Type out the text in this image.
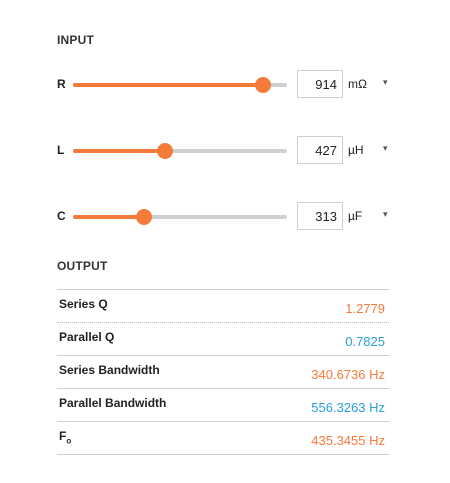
INPUT
R	914 mΩ ▾
L	427 µH ▾
C	313 µF ▾
OUTPUT
Series Q	1.2779
Parallel Q	0.7825
Series Bandwidth	340.6736 Hz
Parallel Bandwidth	556.3263 Hz
$F_o$	435.3455 Hz
